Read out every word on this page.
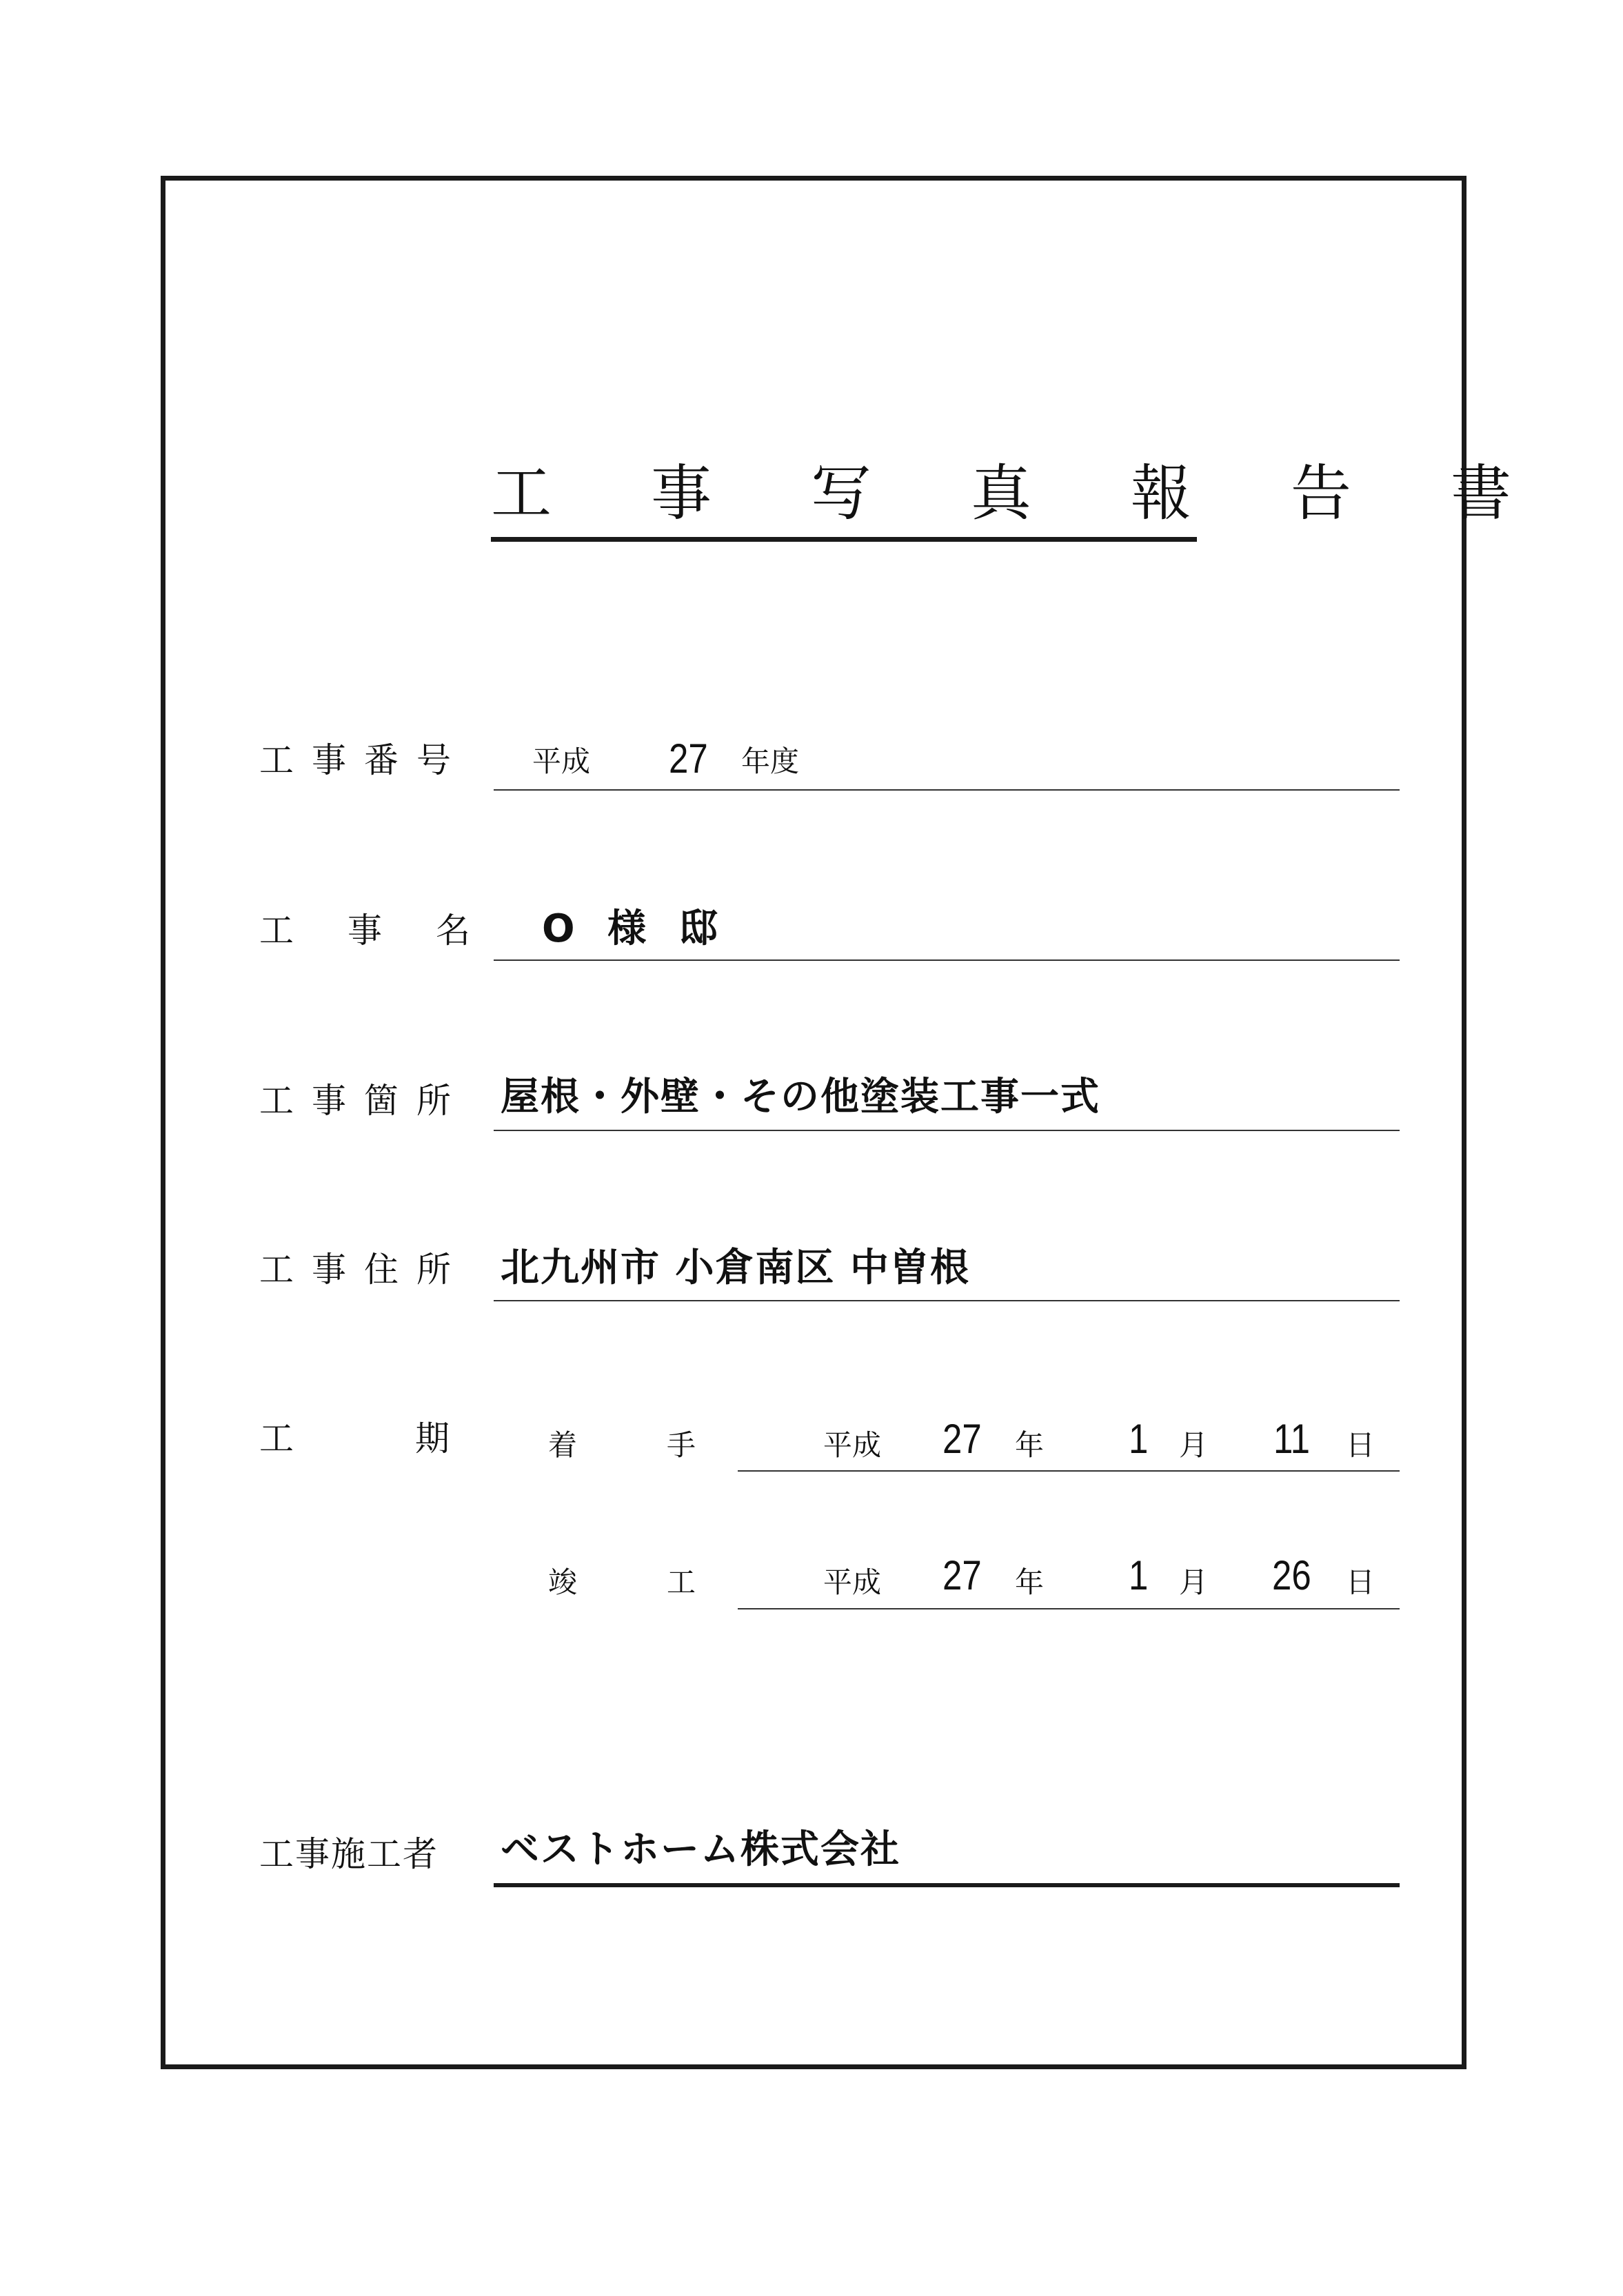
工 事 写 真 報 告 書
工事番号 平成 27 年度
工事名 O 様 邸
工事箇所 屋根・外壁・その他塗装工事一式
工事住所 北九州市 小倉南区 中曽根
工期
着手 平成 27 年 1 月 11 日
竣工 平成 27 年 1 月 26 日
工事施工者 ベストホーム株式会社
